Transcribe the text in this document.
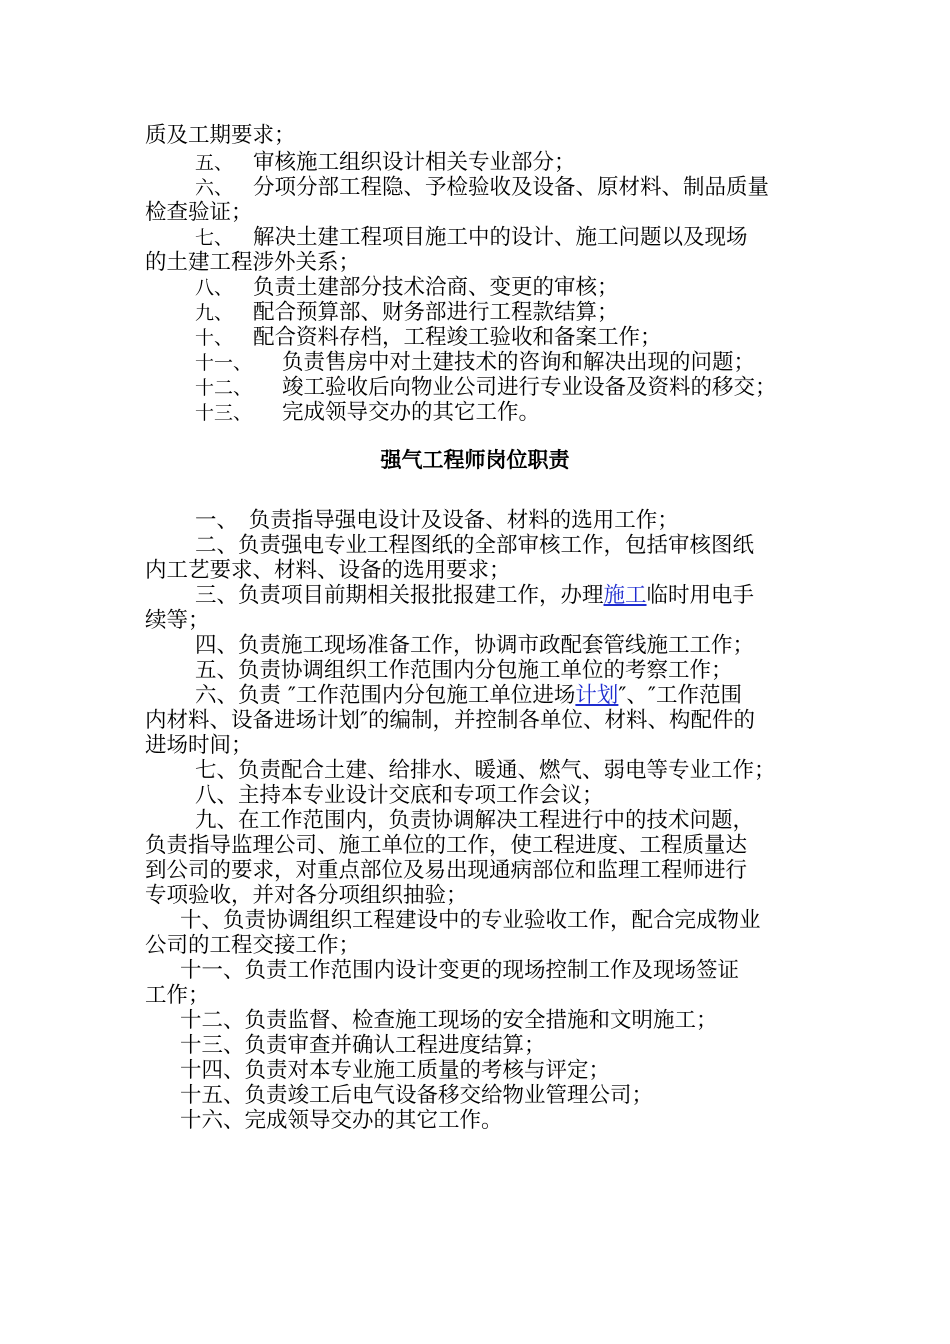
质及工期要求；
五、 审核施工组织设计相关专业部分；
六、 分项分部工程隐、予检验收及设备、原材料、制品质量
检查验证；
七、 解决土建工程项目施工中的设计、施工问题以及现场
的土建工程涉外关系；
八、 负责土建部分技术洽商、变更的审核；
九、 配合预算部、财务部进行工程款结算；
十、 配合资料存档，工程竣工验收和备案工作；
十一、 负责售房中对土建技术的咨询和解决出现的问题；
十二、 竣工验收后向物业公司进行专业设备及资料的移交；
十三、 完成领导交办的其它工作。
强气工程师岗位职责
一、　负责指导强电设计及设备、材料的选用工作；
二、负责强电专业工程图纸的全部审核工作，包括审核图纸
内工艺要求、材料、设备的选用要求；
三、负责项目前期相关报批报建工作，办理施工临时用电手
续等；
四、负责施工现场准备工作，协调市政配套管线施工工作；
五、负责协调组织工作范围内分包施工单位的考察工作；
六、负责 ″工作范围内分包施工单位进场计划″、″工作范围
内材料、设备进场计划″的编制，并控制各单位、材料、构配件的
进场时间；
七、负责配合土建、给排水、暖通、燃气、弱电等专业工作；
八、主持本专业设计交底和专项工作会议；
九、在工作范围内，负责协调解决工程进行中的技术问题，
负责指导监理公司、施工单位的工作，使工程进度、工程质量达
到公司的要求，对重点部位及易出现通病部位和监理工程师进行
专项验收，并对各分项组织抽验；
十、负责协调组织工程建设中的专业验收工作，配合完成物业
公司的工程交接工作；
十一、负责工作范围内设计变更的现场控制工作及现场签证
工作；
十二、负责监督、检查施工现场的安全措施和文明施工；
十三、负责审查并确认工程进度结算；
十四、负责对本专业施工质量的考核与评定；
十五、负责竣工后电气设备移交给物业管理公司；
十六、完成领导交办的其它工作。
